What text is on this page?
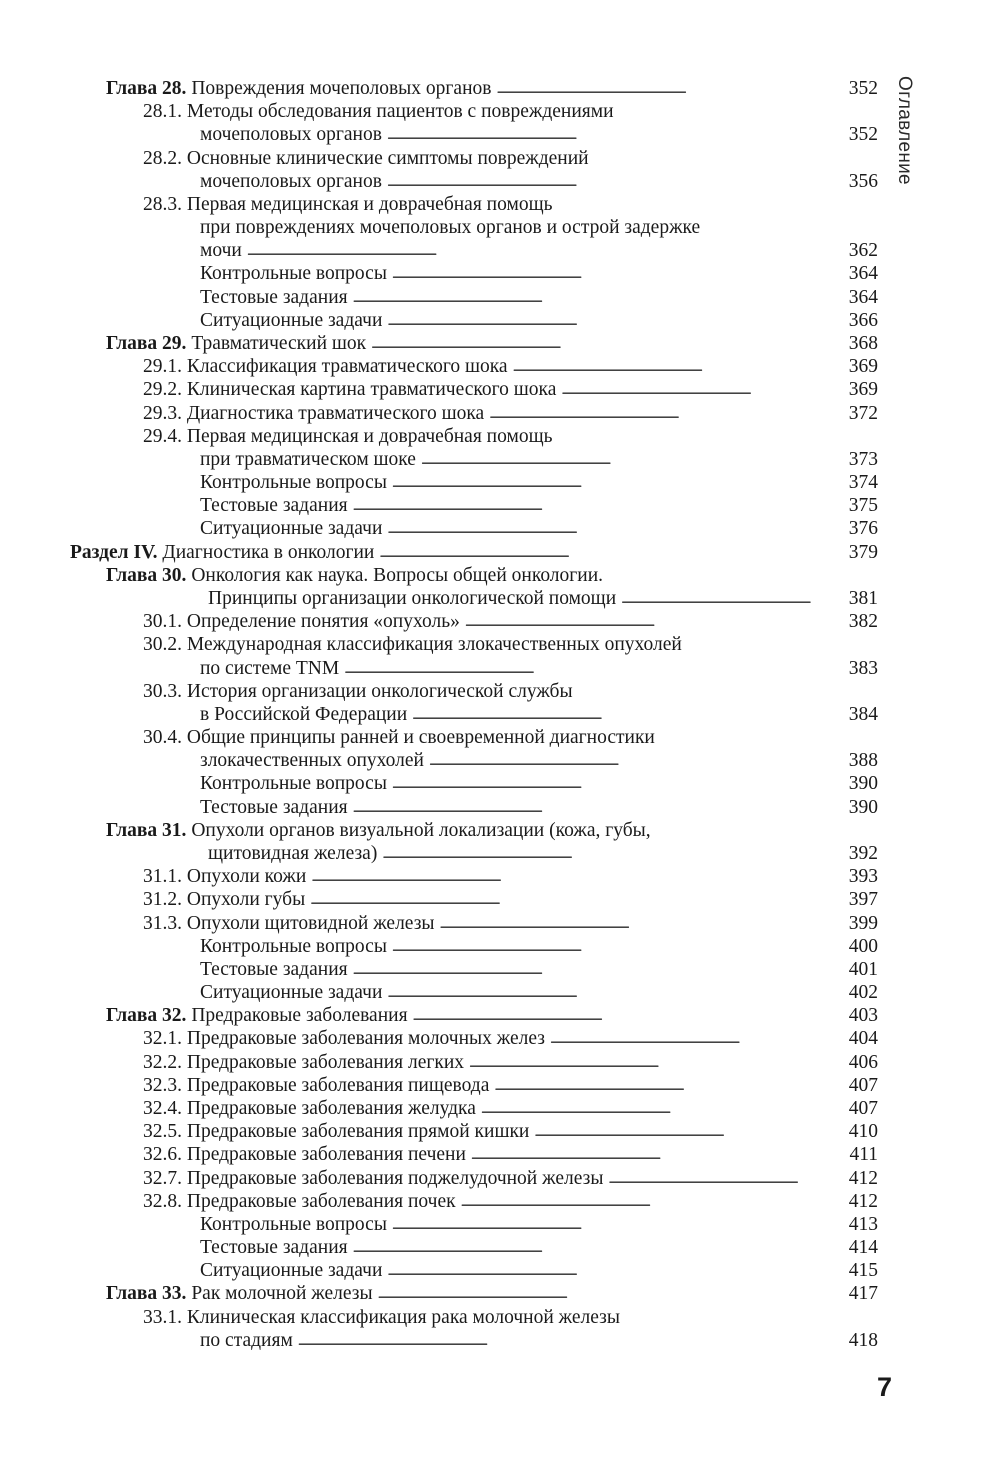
Глава 28. Повреждения мочеполовых органов . . .	352
28.1. Методы обследования пациентов с повреждениями
мочеполовых органов . . .	352
28.2. Основные клинические симптомы повреждений
мочеполовых органов . . .	356
28.3. Первая медицинская и доврачебная помощь
при повреждениях мочеполовых органов и острой задержке
мочи . . .	362
Контрольные вопросы . . .	364
Тестовые задания . . .	364
Ситуационные задачи . . .	366
Глава 29. Травматический шок . . .	368
29.1. Классификация травматического шока . . .	369
29.2. Клиническая картина травматического шока . . .	369
29.3. Диагностика травматического шока . . .	372
29.4. Первая медицинская и доврачебная помощь
при травматическом шоке . . .	373
Контрольные вопросы . . .	374
Тестовые задания . . .	375
Ситуационные задачи . . .	376
Раздел IV. Диагностика в онкологии . . .	379
Глава 30. Онкология как наука. Вопросы общей онкологии.
Принципы организации онкологической помощи . . .	381
30.1. Определение понятия «опухоль» . . .	382
30.2. Международная классификация злокачественных опухолей
по системе TNM . . .	383
30.3. История организации онкологической службы
в Российской Федерации . . .	384
30.4. Общие принципы ранней и своевременной диагностики
злокачественных опухолей . . .	388
Контрольные вопросы . . .	390
Тестовые задания . . .	390
Глава 31. Опухоли органов визуальной локализации (кожа, губы,
щитовидная железа) . . .	392
31.1. Опухоли кожи . . .	393
31.2. Опухоли губы . . .	397
31.3. Опухоли щитовидной железы . . .	399
Контрольные вопросы . . .	400
Тестовые задания . . .	401
Ситуационные задачи . . .	402
Глава 32. Предраковые заболевания . . .	403
32.1. Предраковые заболевания молочных желез . . .	404
32.2. Предраковые заболевания легких . . .	406
32.3. Предраковые заболевания пищевода . . .	407
32.4. Предраковые заболевания желудка . . .	407
32.5. Предраковые заболевания прямой кишки . . .	410
32.6. Предраковые заболевания печени . . .	411
32.7. Предраковые заболевания поджелудочной железы . . .	412
32.8. Предраковые заболевания почек . . .	412
Контрольные вопросы . . .	413
Тестовые задания . . .	414
Ситуационные задачи . . .	415
Глава 33. Рак молочной железы . . .	417
33.1. Клиническая классификация рака молочной железы
по стадиям . . .	418
Оглавление
7
